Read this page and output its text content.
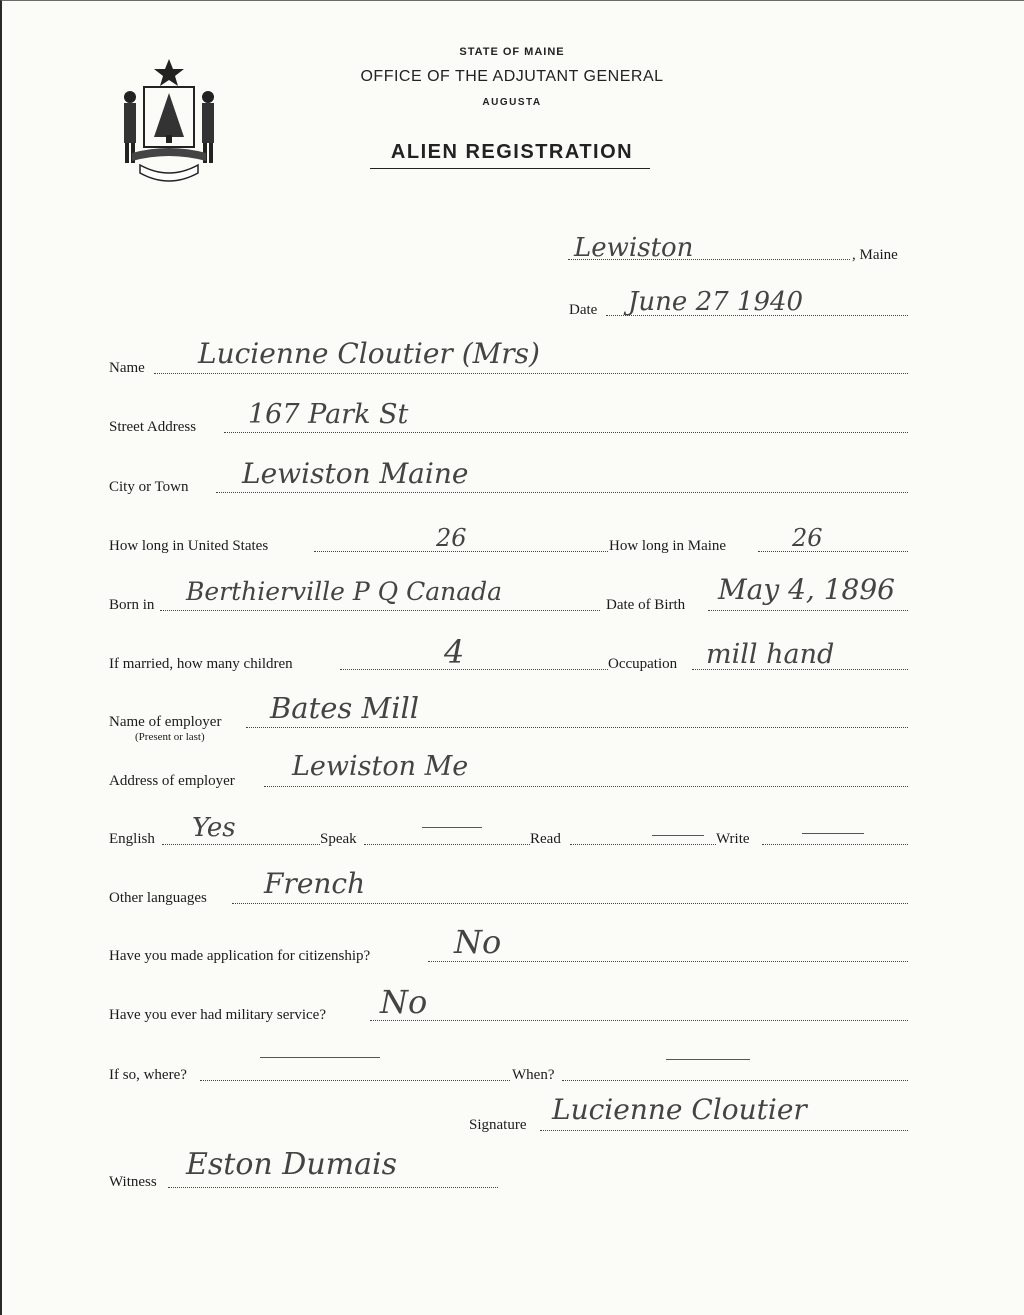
STATE OF MAINE
OFFICE OF THE ADJUTANT GENERAL
AUGUSTA
ALIEN REGISTRATION
Lewiston	, Maine
Date June 27 1940
Name Lucienne Cloutier (Mrs)
Street Address 167 Park St
City or Town Lewiston Maine
How long in United States	26	How long in Maine	26
Born in Berthierville P Q Canada	Date of Birth May 4, 1896
If married, how many children	4	Occupation mill hand
Name of employer
(Present or last)
Bates Mill
Address of employer Lewiston Me
English Yes	Speak	Read	Write
Other languages French
Have you made application for citizenship?	No
Have you ever had military service? No
If so, where?	When?
Signature Lucienne Cloutier
Witness Eston Dumais
